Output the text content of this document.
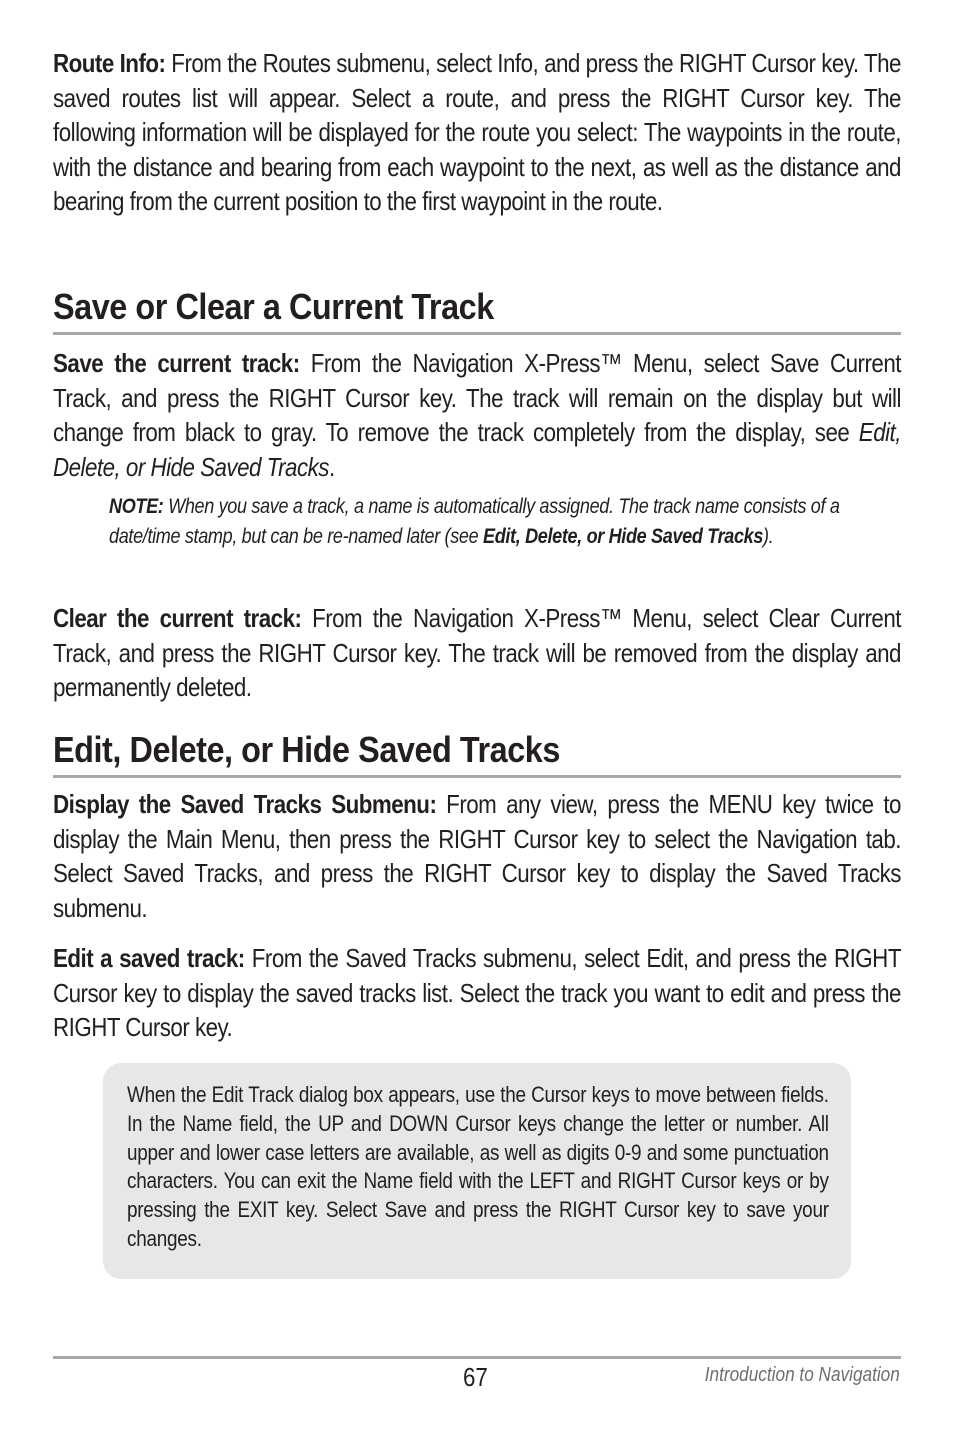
Route Info: From the Routes submenu, select Info, and press the RIGHT Cursor key. The saved routes list will appear. Select a route, and press the RIGHT Cursor key. The following information will be displayed for the route you select: The waypoints in the route, with the distance and bearing from each waypoint to the next, as well as the distance and bearing from the current position to the first waypoint in the route.

Save or Clear a Current Track

Save the current track: From the Navigation X-Press™ Menu, select Save Current Track, and press the RIGHT Cursor key. The track will remain on the display but will change from black to gray. To remove the track completely from the display, see Edit, Delete, or Hide Saved Tracks.

NOTE: When you save a track, a name is automatically assigned. The track name consists of a date/time stamp, but can be re-named later (see Edit, Delete, or Hide Saved Tracks).

Clear the current track: From the Navigation X-Press™ Menu, select Clear Current Track, and press the RIGHT Cursor key. The track will be removed from the display and permanently deleted.

Edit, Delete, or Hide Saved Tracks

Display the Saved Tracks Submenu: From any view, press the MENU key twice to display the Main Menu, then press the RIGHT Cursor key to select the Navigation tab. Select Saved Tracks, and press the RIGHT Cursor key to display the Saved Tracks submenu.

Edit a saved track: From the Saved Tracks submenu, select Edit, and press the RIGHT Cursor key to display the saved tracks list. Select the track you want to edit and press the RIGHT Cursor key.

When the Edit Track dialog box appears, use the Cursor keys to move between fields. In the Name field, the UP and DOWN Cursor keys change the letter or number. All upper and lower case letters are available, as well as digits 0-9 and some punctuation characters. You can exit the Name field with the LEFT and RIGHT Cursor keys or by pressing the EXIT key. Select Save and press the RIGHT Cursor key to save your changes.

67	Introduction to Navigation
